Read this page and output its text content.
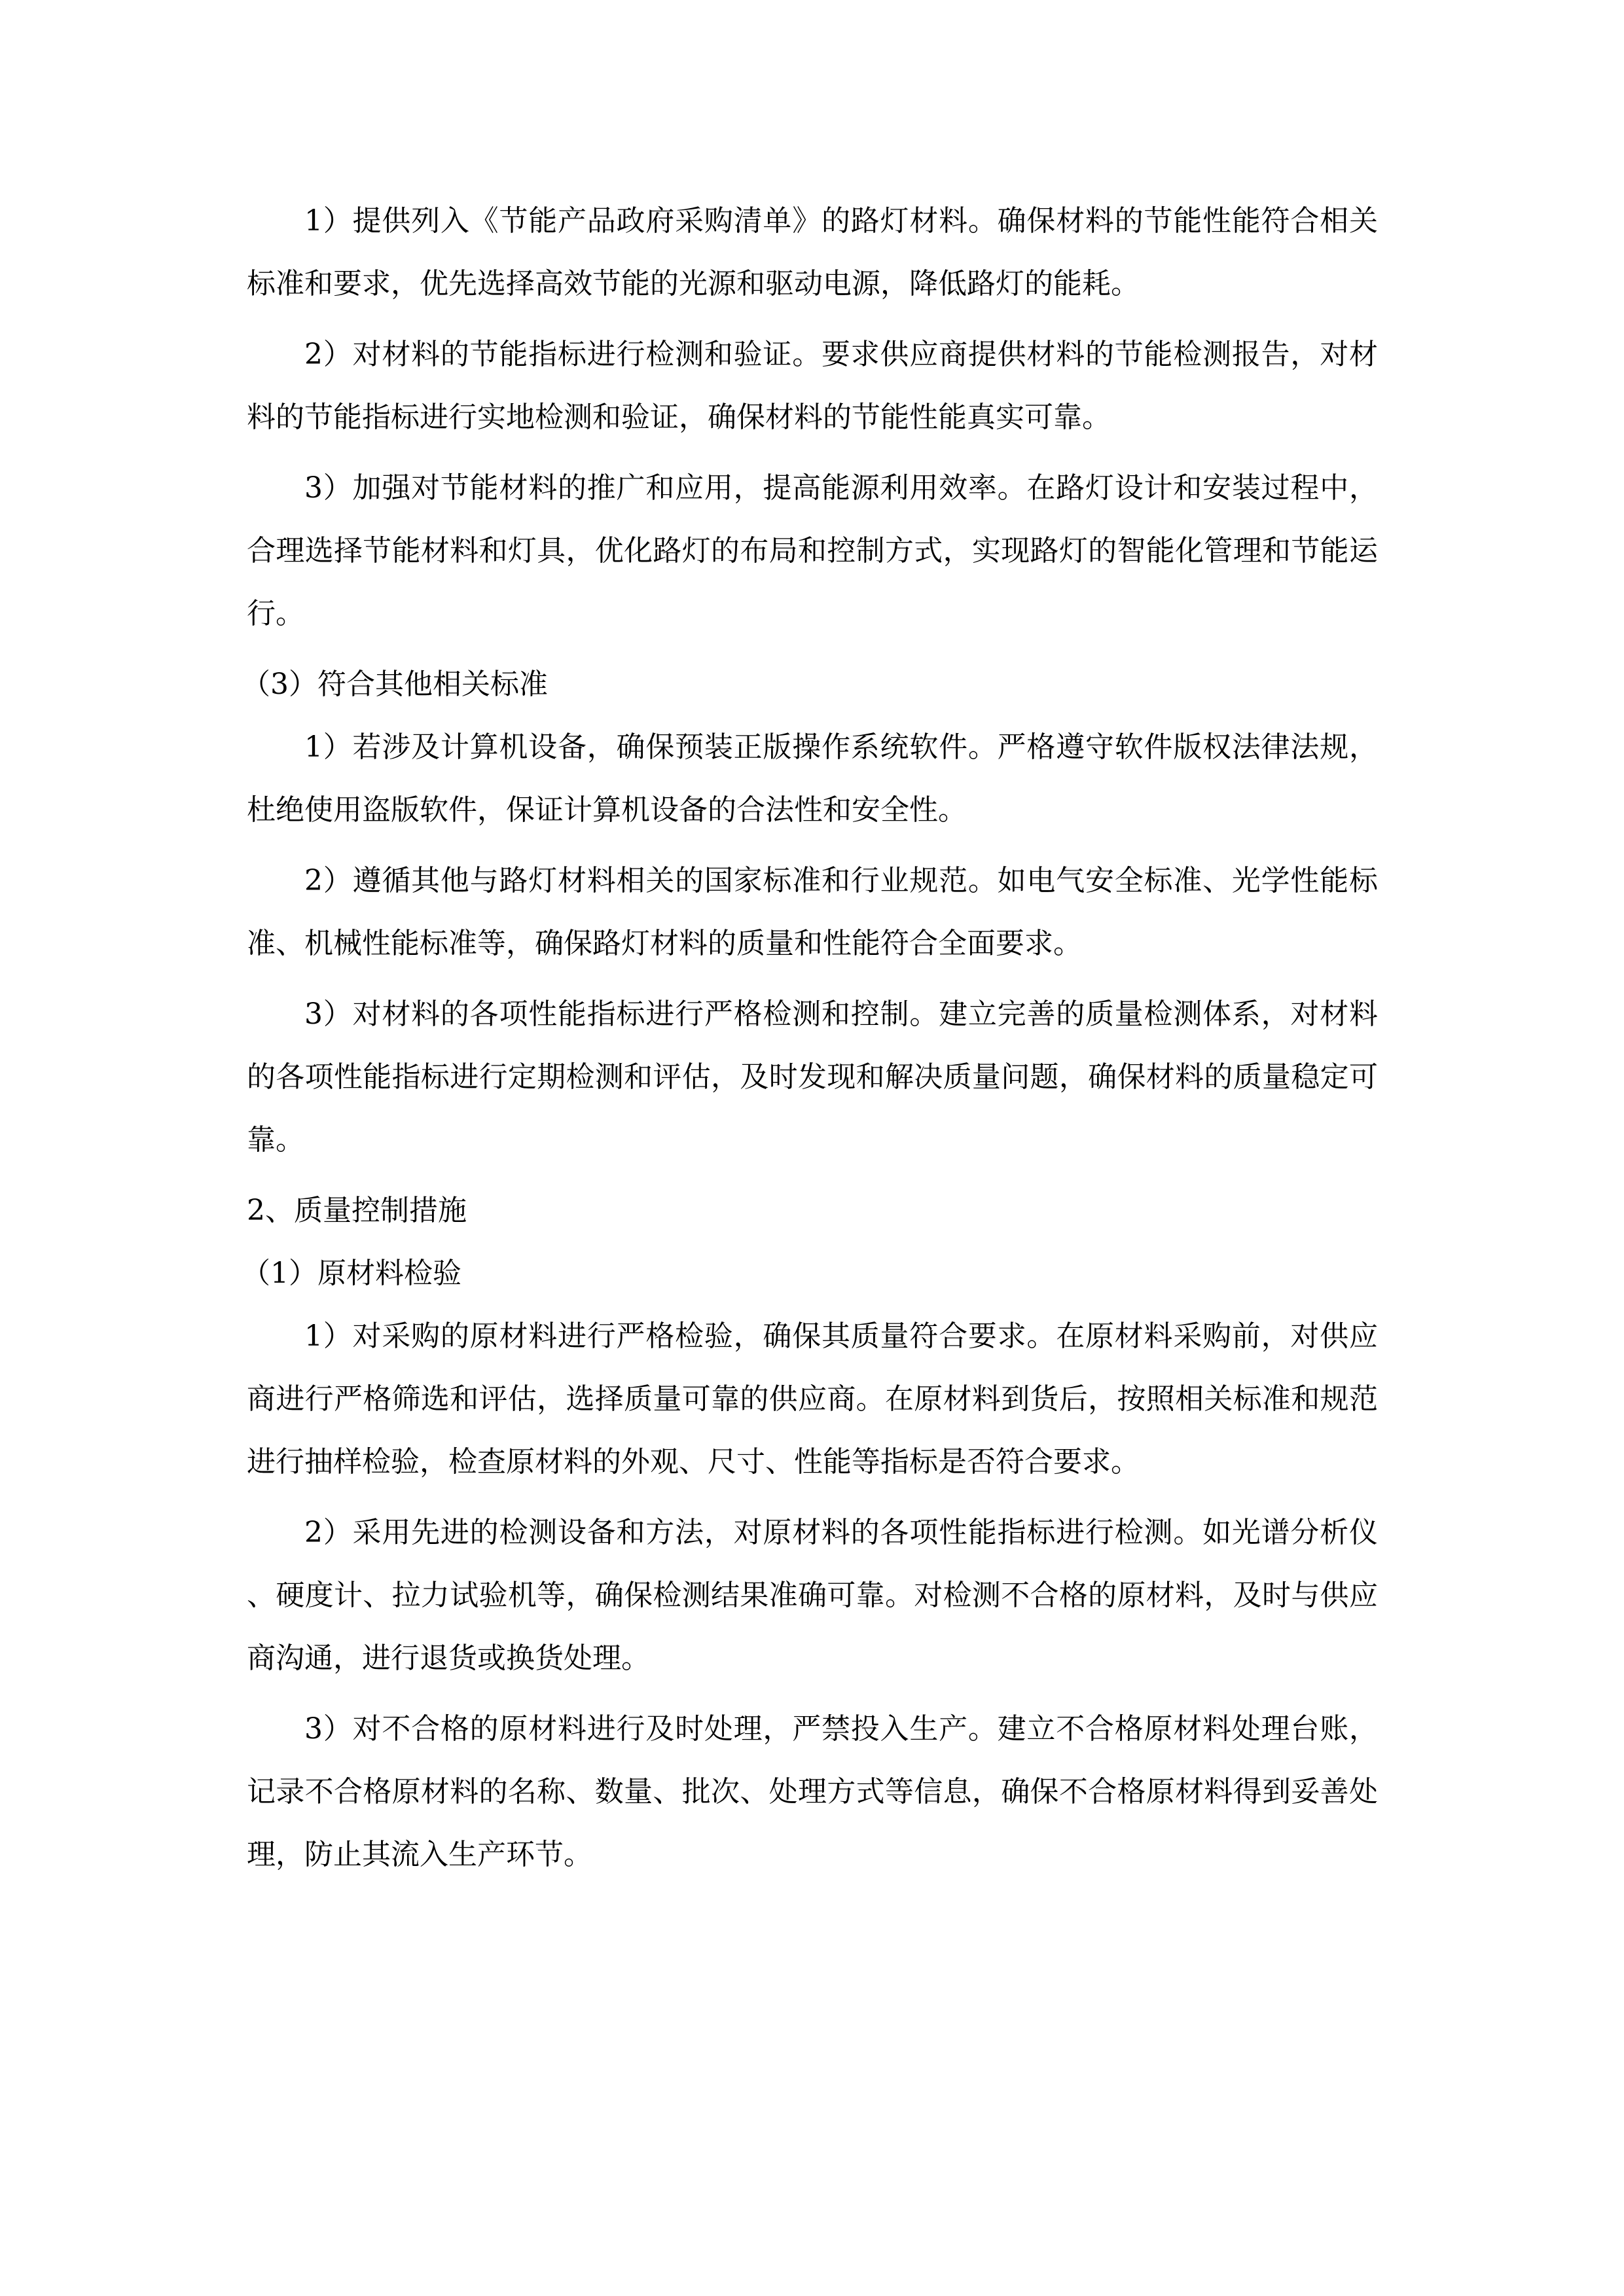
1）提供列入《节能产品政府采购清单》的路灯材料。确保材料的节能性能符合相关标准和要求，优先选择高效节能的光源和驱动电源，降低路灯的能耗。

2）对材料的节能指标进行检测和验证。要求供应商提供材料的节能检测报告，对材料的节能指标进行实地检测和验证，确保材料的节能性能真实可靠。

3）加强对节能材料的推广和应用，提高能源利用效率。在路灯设计和安装过程中，合理选择节能材料和灯具，优化路灯的布局和控制方式，实现路灯的智能化管理和节能运行。

（3）符合其他相关标准

1）若涉及计算机设备，确保预装正版操作系统软件。严格遵守软件版权法律法规，杜绝使用盗版软件，保证计算机设备的合法性和安全性。

2）遵循其他与路灯材料相关的国家标准和行业规范。如电气安全标准、光学性能标准、机械性能标准等，确保路灯材料的质量和性能符合全面要求。

3）对材料的各项性能指标进行严格检测和控制。建立完善的质量检测体系，对材料的各项性能指标进行定期检测和评估，及时发现和解决质量问题，确保材料的质量稳定可靠。

2、质量控制措施

（1）原材料检验

1）对采购的原材料进行严格检验，确保其质量符合要求。在原材料采购前，对供应商进行严格筛选和评估，选择质量可靠的供应商。在原材料到货后，按照相关标准和规范进行抽样检验，检查原材料的外观、尺寸、性能等指标是否符合要求。

2）采用先进的检测设备和方法，对原材料的各项性能指标进行检测。如光谱分析仪、硬度计、拉力试验机等，确保检测结果准确可靠。对检测不合格的原材料，及时与供应商沟通，进行退货或换货处理。

3）对不合格的原材料进行及时处理，严禁投入生产。建立不合格原材料处理台账，记录不合格原材料的名称、数量、批次、处理方式等信息，确保不合格原材料得到妥善处理，防止其流入生产环节。
